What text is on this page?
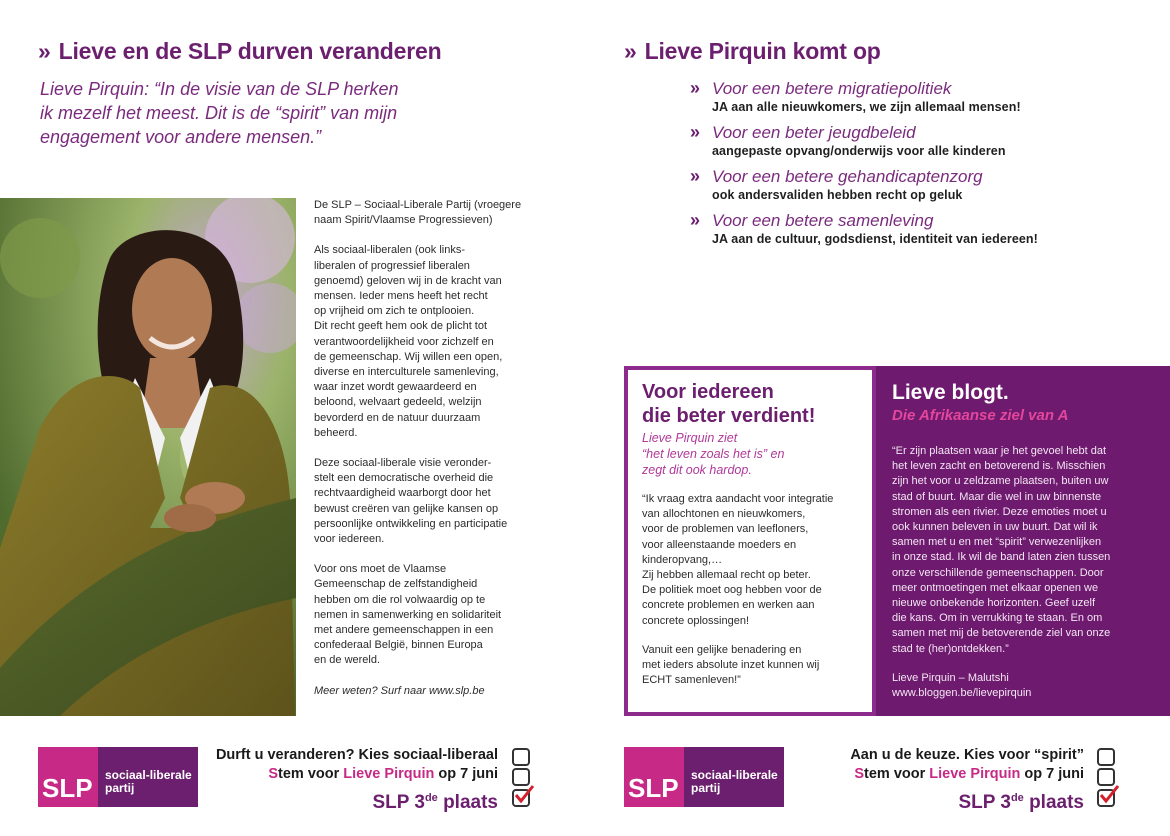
» Lieve en de SLP durven veranderen
Lieve Pirquin: “In de visie van de SLP herken
ik mezelf het meest. Dit is de “spirit” van mijn
engagement voor andere mensen.”

De SLP – Sociaal-Liberale Partij (vroegere
naam Spirit/Vlaamse Progressieven)

Als sociaal-liberalen (ook links-
liberalen of progressief liberalen
genoemd) geloven wij in de kracht van
mensen. Ieder mens heeft het recht
op vrijheid om zich te ontplooien.
Dit recht geeft hem ook de plicht tot
verantwoordelijkheid voor zichzelf en
de gemeenschap. Wij willen een open,
diverse en interculturele samenleving,
waar inzet wordt gewaardeerd en
beloond, welvaart gedeeld, welzijn
bevorderd en de natuur duurzaam
beheerd.

Deze sociaal-liberale visie veronder-
stelt een democratische overheid die
rechtvaardigheid waarborgt door het
bewust creëren van gelijke kansen op
persoonlijke ontwikkeling en participatie
voor iedereen.

Voor ons moet de Vlaamse
Gemeenschap de zelfstandigheid
hebben om die rol volwaardig op te
nemen in samenwerking en solidariteit
met andere gemeenschappen in een
confederaal België, binnen Europa
en de wereld.

Meer weten? Surf naar www.slp.be

» Lieve Pirquin komt op
» Voor een betere migratiepolitiek
JA aan alle nieuwkomers, we zijn allemaal mensen!
» Voor een beter jeugdbeleid
aangepaste opvang/onderwijs voor alle kinderen
» Voor een betere gehandicaptenzorg
ook andersvaliden hebben recht op geluk
» Voor een betere samenleving
JA aan de cultuur, godsdienst, identiteit van iedereen!
Voor iedereen
die beter verdient!
Lieve Pirquin ziet
“het leven zoals het is” en
zegt dit ook hardop.

“Ik vraag extra aandacht voor integratie
van allochtonen en nieuwkomers,
voor de problemen van leefloners,
voor alleenstaande moeders en
kinderopvang,…
Zij hebben allemaal recht op beter.
De politiek moet oog hebben voor de
concrete problemen en werken aan
concrete oplossingen!

Vanuit een gelijke benadering en
met ieders absolute inzet kunnen wij
ECHT samenleven!”

Lieve blogt.
Die Afrikaanse ziel van A

“Er zijn plaatsen waar je het gevoel hebt dat
het leven zacht en betoverend is. Misschien
zijn het voor u zeldzame plaatsen, buiten uw
stad of buurt. Maar die wel in uw binnenste
stromen als een rivier. Deze emoties moet u
ook kunnen beleven in uw buurt. Dat wil ik
samen met u en met “spirit” verwezenlijken
in onze stad. Ik wil de band laten zien tussen
onze verschillende gemeenschappen. Door
meer ontmoetingen met elkaar openen we
nieuwe onbekende horizonten. Geef uzelf
die kans. Om in verrukking te staan. En om
samen met mij de betoverende ziel van onze
stad te (her)ontdekken.”

Lieve Pirquin – Malutshi
www.bloggen.be/lievepirquin

SLP sociaal-liberale
partij
Durft u veranderen? Kies sociaal-liberaal
Stem voor Lieve Pirquin op 7 juni
SLP 3de plaats	SLP sociaal-liberale
partij
Aan u de keuze. Kies voor “spirit”
Stem voor Lieve Pirquin op 7 juni
SLP 3de plaats
